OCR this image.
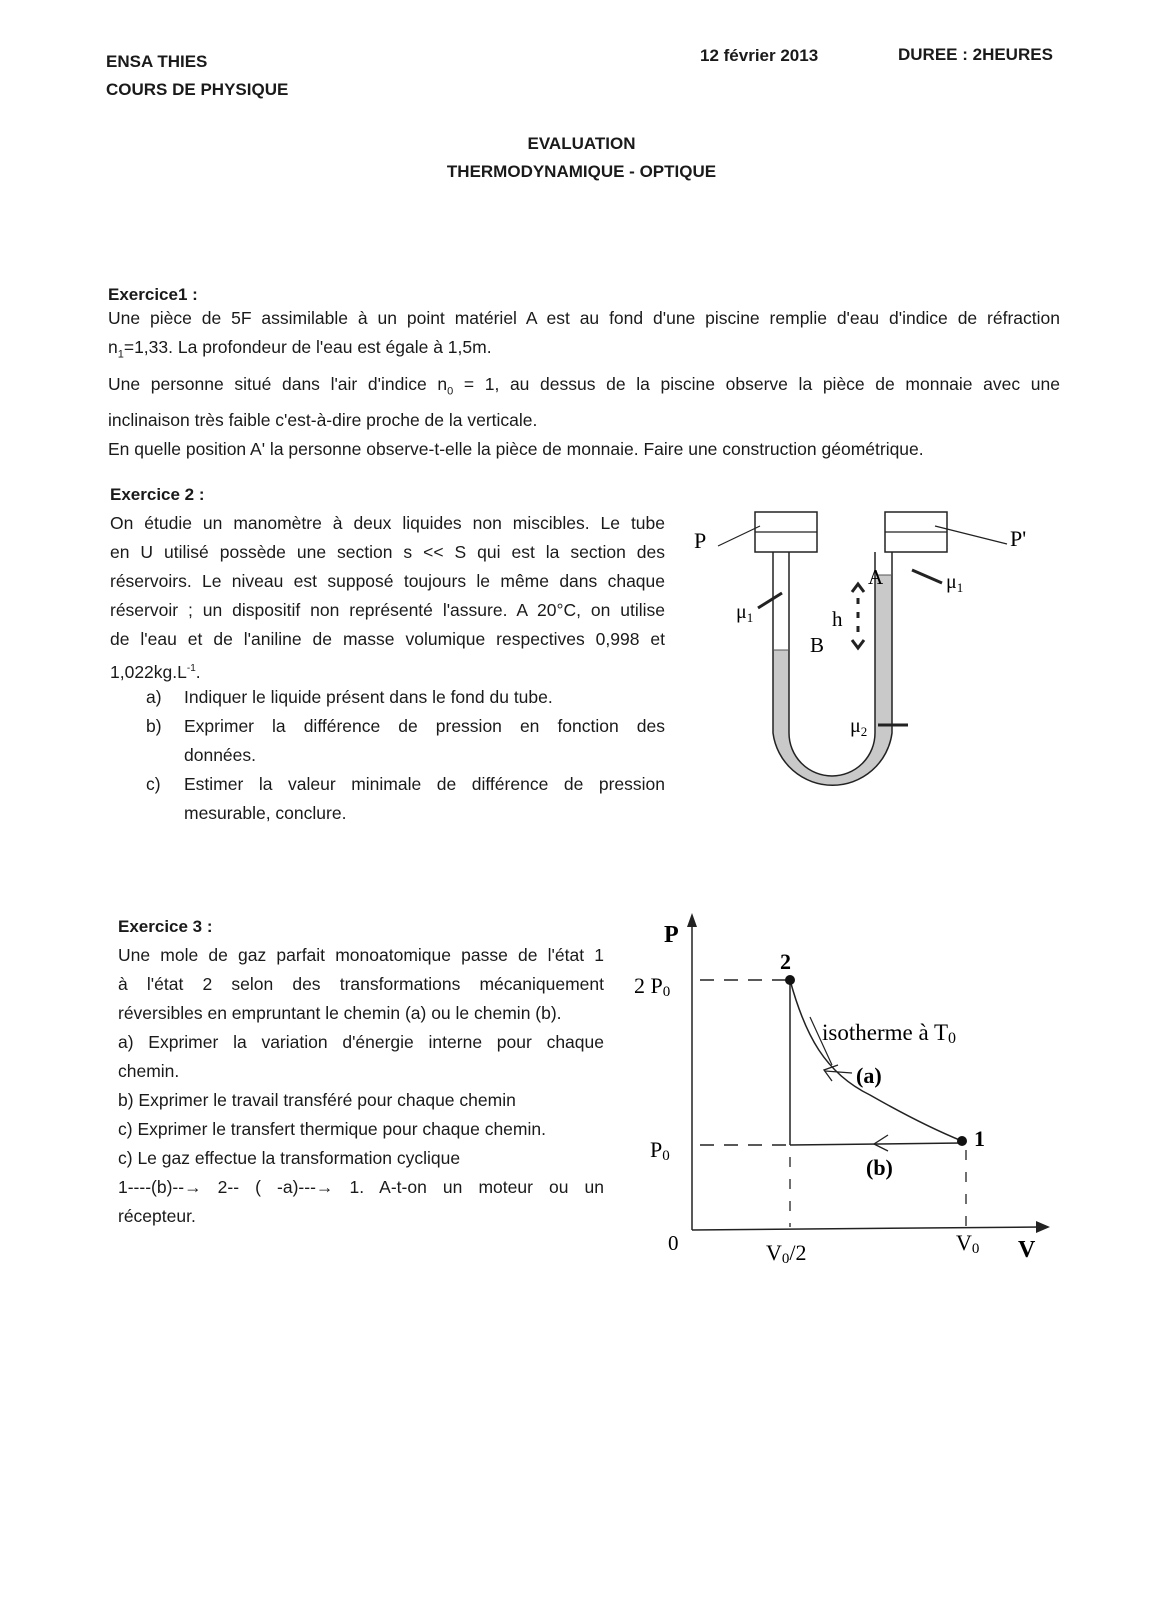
ENSA THIES
COURS DE PHYSIQUE
12 février 2013	DUREE : 2HEURES
EVALUATION
THERMODYNAMIQUE - OPTIQUE
Exercice1 :
Une pièce de 5F assimilable à un point matériel A est au fond d'une piscine remplie d'eau d'indice de réfraction
$n_1=1,33$. La profondeur de l'eau est égale à 1,5m.
Une personne situé dans l'air d'indice $n_0 = 1$, au dessus de la piscine observe la pièce de monnaie avec une
inclinaison très faible c'est-à-dire proche de la verticale.
En quelle position A' la personne observe-t-elle la pièce de monnaie. Faire une construction géométrique.
Exercice 2 :
On étudie un manomètre à deux liquides non miscibles. Le tube
en U utilisé possède une section s << S qui est la section des
réservoirs. Le niveau est supposé toujours le même dans chaque
réservoir ; un dispositif non représenté l'assure. A 20°C, on utilise
de l'eau et de l'aniline de masse volumique respectives 0,998 et
$1,022kg.L^{-1}$.
a) Indiquer le liquide présent dans le fond du tube.
b) Exprimer la différence de pression en fonction des
données.
c) Estimer la valeur minimale de différence de pression
mesurable, conclure.
P	P'
$\mu_1$
$\mu_1$
$\mu_2$
A
h
B
Exercice 3 :
Une mole de gaz parfait monoatomique passe de l'état 1
à l'état 2 selon des transformations mécaniquement
réversibles en empruntant le chemin (a) ou le chemin (b).
a) Exprimer la variation d'énergie interne pour chaque
chemin.
b) Exprimer le travail transféré pour chaque chemin
c) Exprimer le transfert thermique pour chaque chemin.
c) Le gaz effectue la transformation cyclique
1----(b)--→ 2-- ( -a)---→ 1. A-t-on un moteur ou un
récepteur.
P
V
0
2 P0
P0
V0/2	V0
2
1
isotherme à T0
(a)
(b)
